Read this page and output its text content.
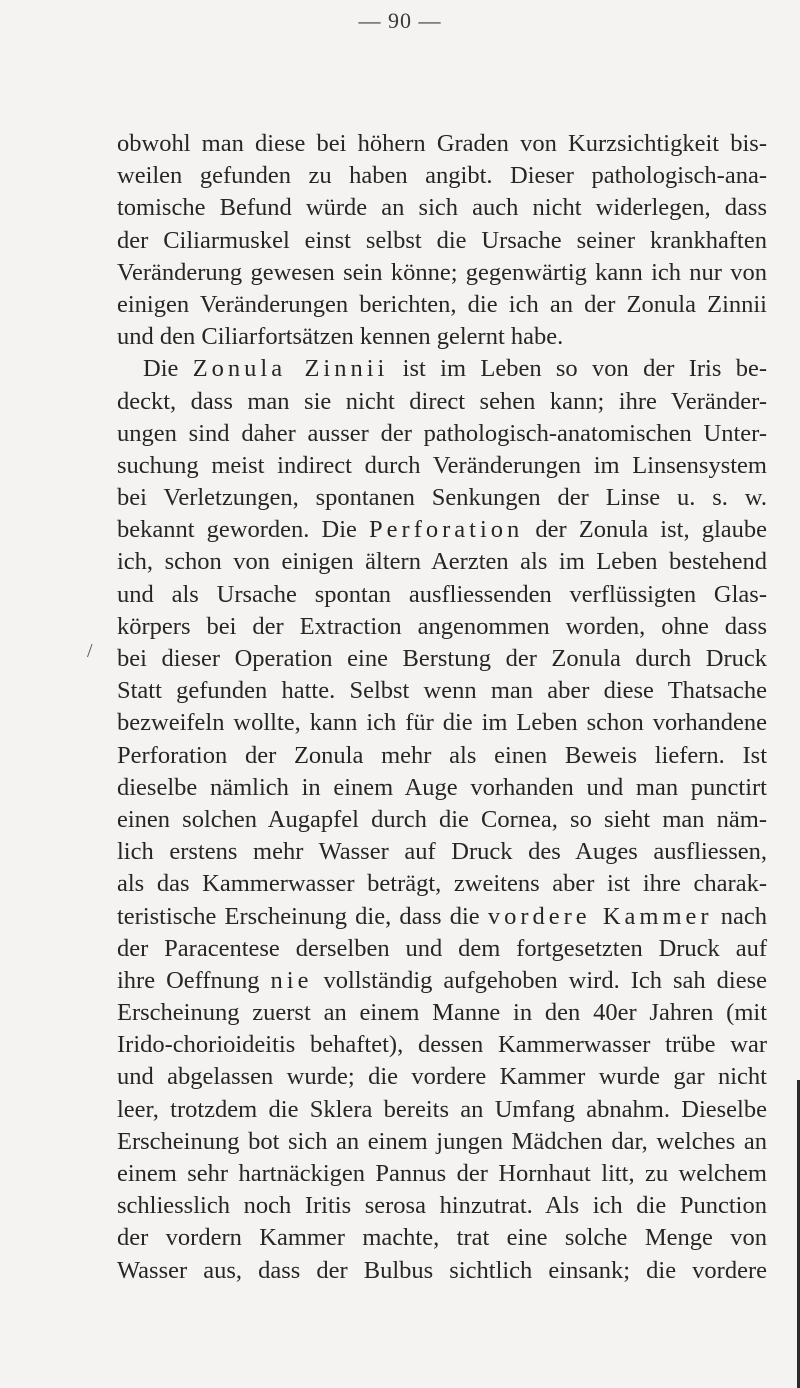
— 90 —
/
obwohl man diese bei höhern Graden von Kurzsichtigkeit bis-
weilen gefunden zu haben angibt. Dieser pathologisch-ana-
tomische Befund würde an sich auch nicht widerlegen, dass
der Ciliarmuskel einst selbst die Ursache seiner krankhaften
Veränderung gewesen sein könne; gegenwärtig kann ich nur von
einigen Veränderungen berichten, die ich an der Zonula Zinnii
und den Ciliarfortsätzen kennen gelernt habe.
Die Zonula Zinnii ist im Leben so von der Iris be-
deckt, dass man sie nicht direct sehen kann; ihre Veränder-
ungen sind daher ausser der pathologisch-anatomischen Unter-
suchung meist indirect durch Veränderungen im Linsensystem
bei Verletzungen, spontanen Senkungen der Linse u. s. w.
bekannt geworden. Die Perforation der Zonula ist, glaube
ich, schon von einigen ältern Aerzten als im Leben bestehend
und als Ursache spontan ausfliessenden verflüssigten Glas-
körpers bei der Extraction angenommen worden, ohne dass
bei dieser Operation eine Berstung der Zonula durch Druck
Statt gefunden hatte. Selbst wenn man aber diese Thatsache
bezweifeln wollte, kann ich für die im Leben schon vorhandene
Perforation der Zonula mehr als einen Beweis liefern. Ist
dieselbe nämlich in einem Auge vorhanden und man punctirt
einen solchen Augapfel durch die Cornea, so sieht man näm-
lich erstens mehr Wasser auf Druck des Auges ausfliessen,
als das Kammerwasser beträgt, zweitens aber ist ihre charak-
teristische Erscheinung die, dass die vordere Kammer nach
der Paracentese derselben und dem fortgesetzten Druck auf
ihre Oeffnung nie vollständig aufgehoben wird. Ich sah diese
Erscheinung zuerst an einem Manne in den 40er Jahren (mit
Irido-chorioideitis behaftet), dessen Kammerwasser trübe war
und abgelassen wurde; die vordere Kammer wurde gar nicht
leer, trotzdem die Sklera bereits an Umfang abnahm. Dieselbe
Erscheinung bot sich an einem jungen Mädchen dar, welches an
einem sehr hartnäckigen Pannus der Hornhaut litt, zu welchem
schliesslich noch Iritis serosa hinzutrat. Als ich die Punction
der vordern Kammer machte, trat eine solche Menge von
Wasser aus, dass der Bulbus sichtlich einsank; die vordere
